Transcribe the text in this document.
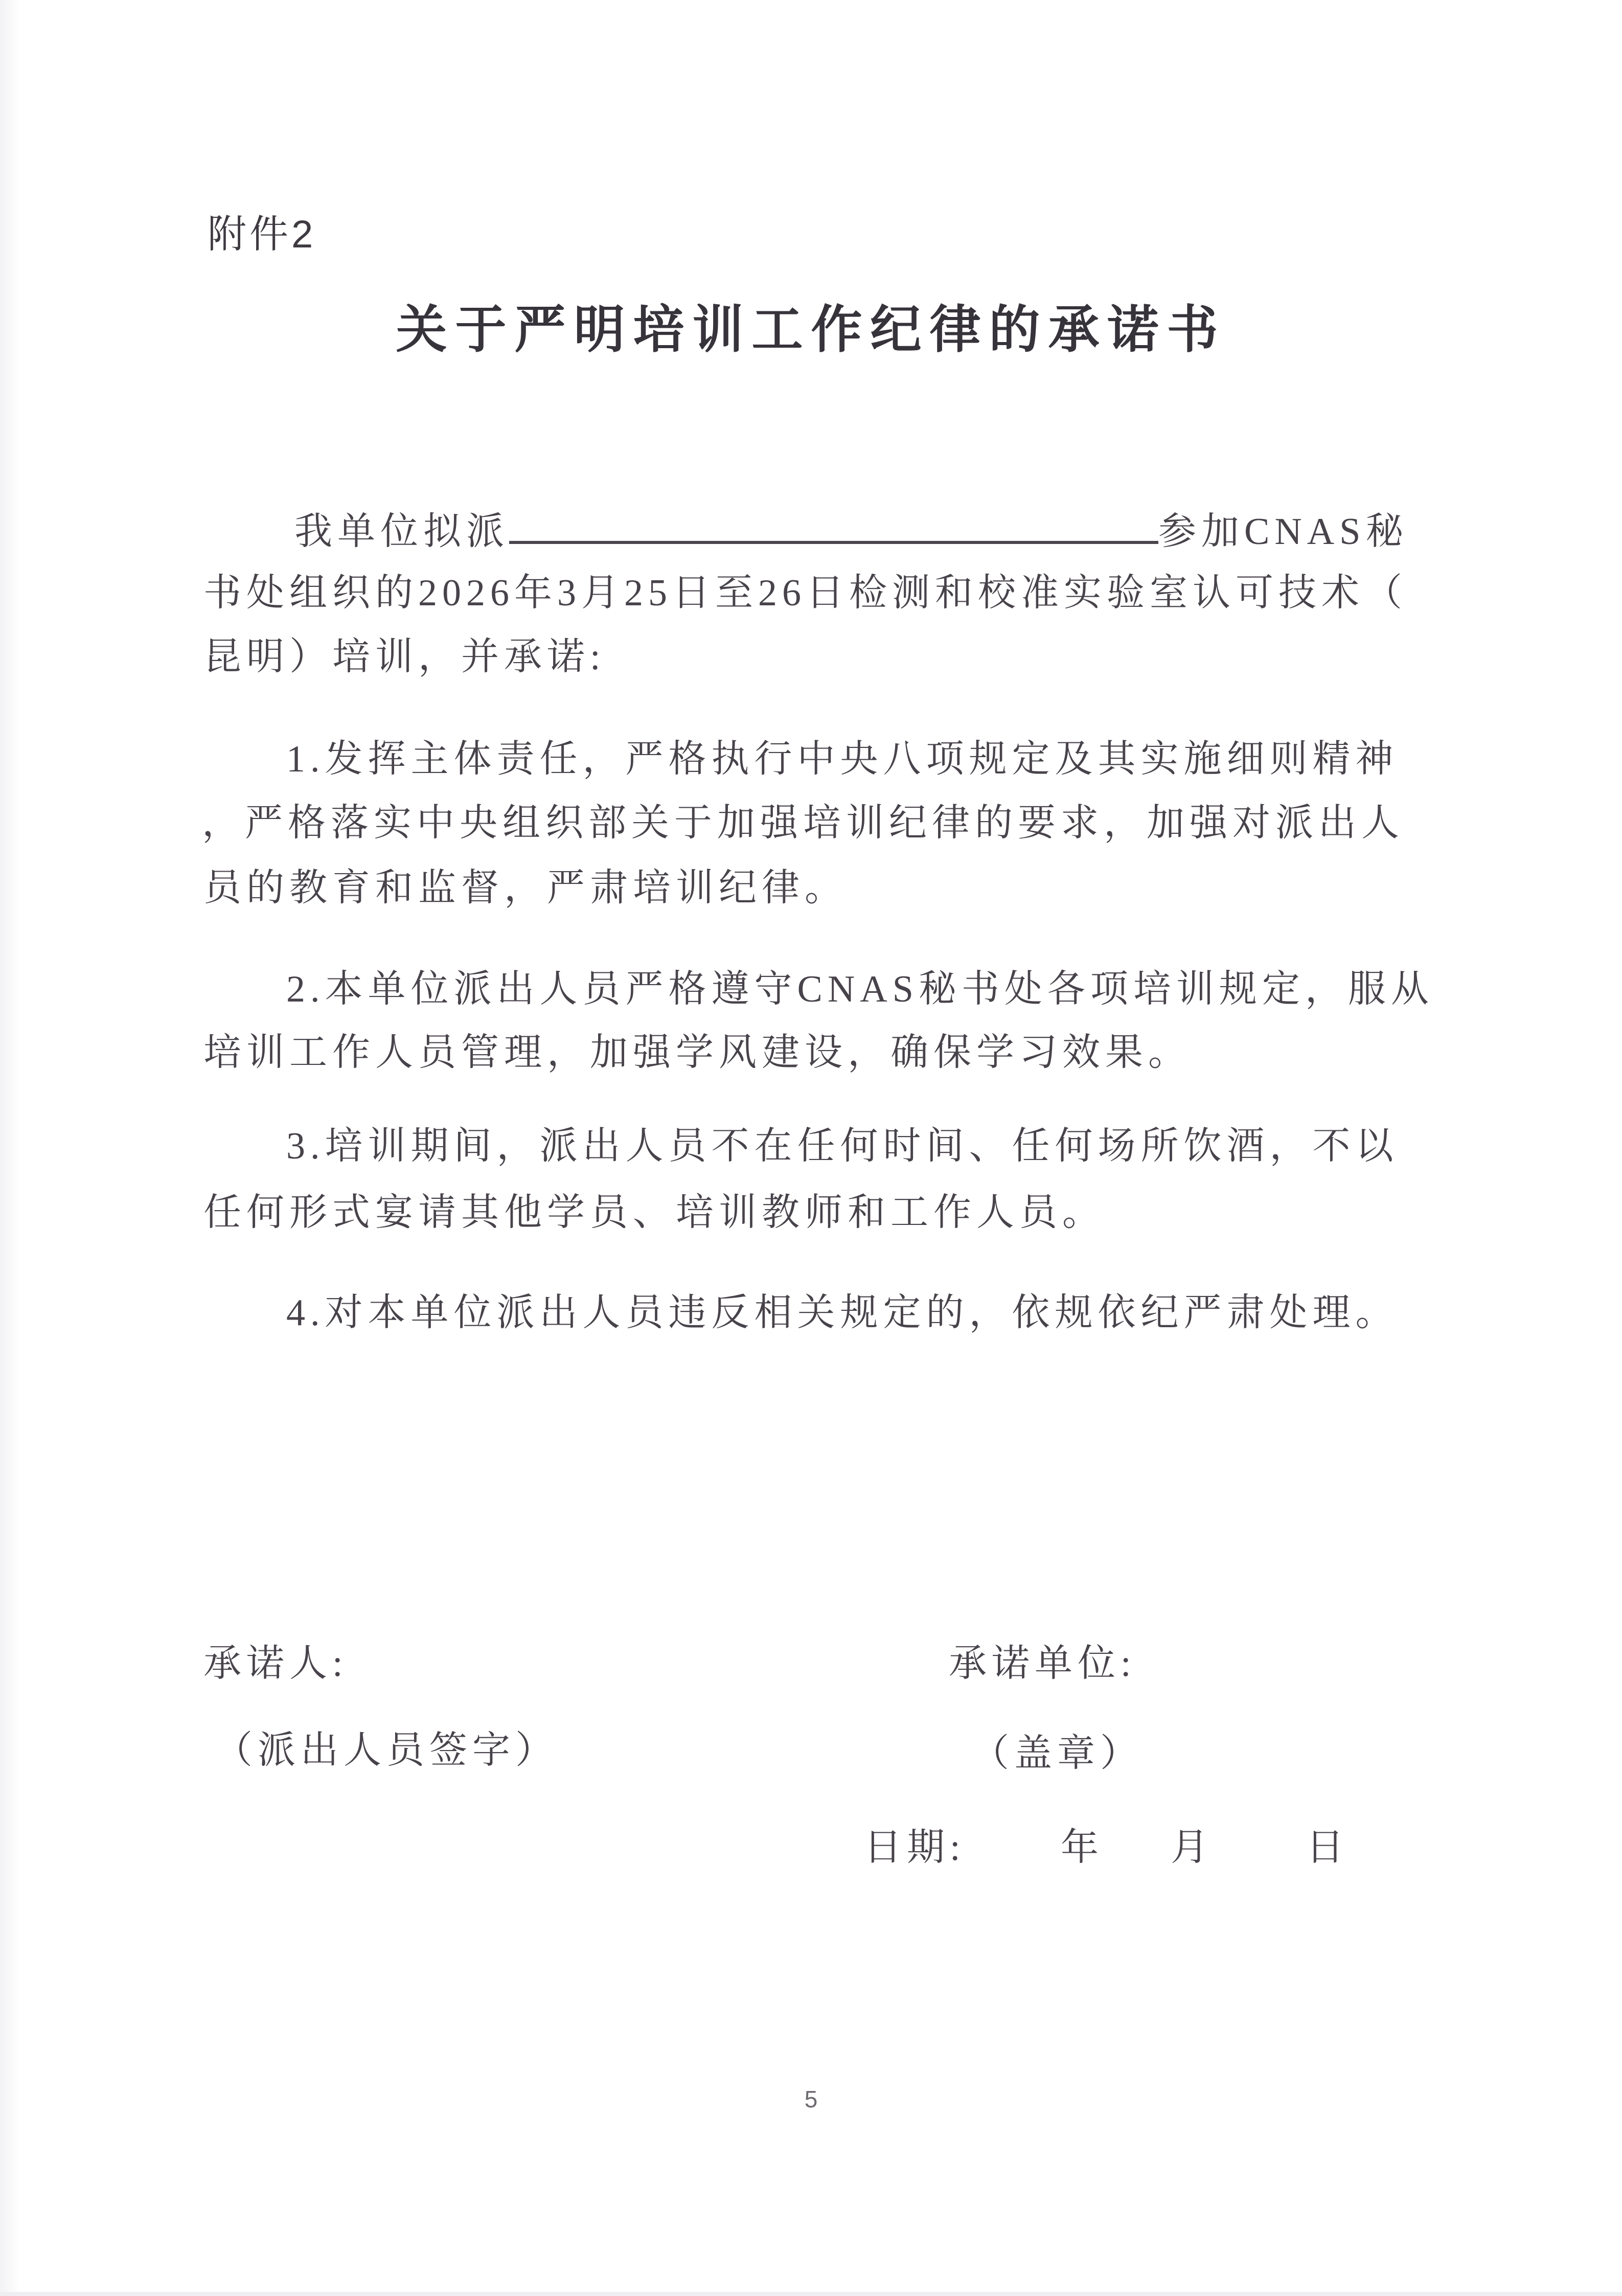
附件2
关于严明培训工作纪律的承诺书
我单位拟派	参加CNAS秘
书处组织的2026年3月25日至26日检测和校准实验室认可技术（
昆明）培训，并承诺:
1.发挥主体责任，严格执行中央八项规定及其实施细则精神
，严格落实中央组织部关于加强培训纪律的要求，加强对派出人
员的教育和监督，严肃培训纪律。
2.本单位派出人员严格遵守CNAS秘书处各项培训规定，服从
培训工作人员管理，加强学风建设，确保学习效果。
3.培训期间，派出人员不在任何时间、任何场所饮酒，不以
任何形式宴请其他学员、培训教师和工作人员。
4.对本单位派出人员违反相关规定的，依规依纪严肃处理。
承诺人:	承诺单位:
（派出人员签字）	（盖章）
日期:	年 月 日
5
